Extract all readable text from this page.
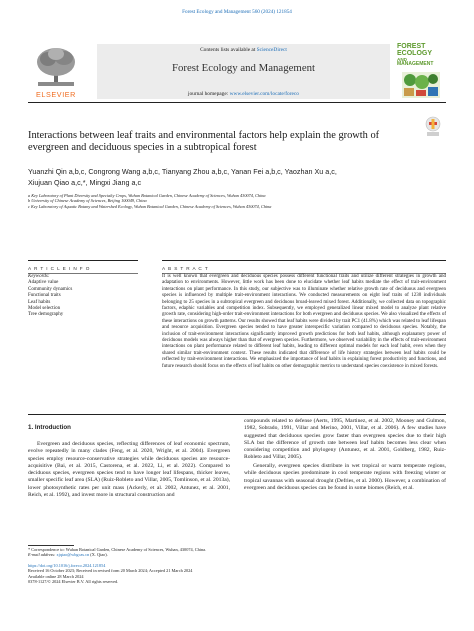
Forest Ecology and Management 560 (2024) 121854
ELSEVIER
Contents lists available at ScienceDirect
Forest Ecology and Management
journal homepage: www.elsevier.com/locate/foreco
FOREST
ECOLOGY
AND
MANAGEMENT
Interactions between leaf traits and environmental factors help explain the growth of evergreen and deciduous species in a subtropical forest
Yuanzhi Qin a,b,c, Congrong Wang a,b,c, Tianyang Zhou a,b,c, Yanan Fei a,b,c, Yaozhan Xu a,c,
Xiujuan Qiao a,c,*, Mingxi Jiang a,c
a Key Laboratory of Plant Diversity and Specialty Crops, Wuhan Botanical Garden, Chinese Academy of Sciences, Wuhan 430074, China
b University of Chinese Academy of Sciences, Beijing 100049, China
c Key Laboratory of Aquatic Botany and Watershed Ecology, Wuhan Botanical Garden, Chinese Academy of Sciences, Wuhan 430074, China
A R T I C L E I N F O
Keywords:
Adaptive value
Community dynamics
Functional traits
Leaf habits
Model selection
Tree demography
A B S T R A C T
It is well known that evergreen and deciduous species possess different functional traits and utilize different strategies in growth and adaptation to environments. However, little work has been done to elucidate whether leaf habits mediate the effect of trait-environment interactions on plant performance. In this study, our subjective was to illuminate whether relative growth rate of deciduous and evergreen species is influenced by multiple trait-environment interactions. We conducted measurements on eight leaf traits of 1230 individuals belonging to 25 species in a subtropical evergreen and deciduous broad-leaved mixed forest. Additionally, we collected data on topographic factors, edaphic variables and competition index. Subsequently, we employed generalized linear mixed model to analyze plant relative growth rate, considering high-order trait-environment interactions for both evergreen and deciduous species. We also visualized the effects of these interactions on growth patterns. Our results showed that leaf habits were divided by trait PC1 (41.8%) which was related to leaf lifespan and resource acquisition. Evergreen species tended to have greater interspecific variation compared to deciduous species. Notably, the inclusion of trait-environment interactions significantly improved growth predictions for both leaf habits, although explanatory power of deciduous models was always higher than that of evergreen species. Furthermore, we observed variability in the effects of trait-environment interactions on plant performance related to different leaf habits, leading to different optimal models for each leaf habit, even when they shared similar trait-environment context. These results indicated that difference of life history strategies between leaf habits could be reflected by trait-environment interactions. We emphasized the importance of leaf habits in explaining forest productivity and functions, and future research should focus on the effects of leaf habits on other demographic metrics to understand species coexistence in mixed forests.
1. Introduction
Evergreen and deciduous species, reflecting differences of leaf economic spectrum, evolve repeatedly in many clades (Feng, et al. 2020, Wright, et al. 2004). Evergreen species employ resource-conservative strategies while deciduous species are resource-acquisitive (Bai, et al. 2015, Castorena, et al. 2022, Li, et al. 2022). Compared to deciduous species, evergreen species tend to have longer leaf lifespans, thicker leaves, smaller specific leaf area (SLA) (Ruiz-Robleto and Villar, 2005, Tomlinson, et al. 2013a), lower photosynthetic rates per unit mass (Ackerly, et al. 2002, Antunez, et al. 2001, Reich, et al. 1992), and invest more in structural construction and
compounds related to defense (Aerts, 1995, Martinez, et al. 2002, Mooney and Gulmon, 1982, Sobrado, 1991, Villar and Merino, 2001, Villar, et al. 2006). A few studies have suggested that deciduous species grow faster than evergreen species due to their high SLA but the difference of growth rate between leaf habits becomes less clear when considering competition and phylogeny (Antunez, et al. 2001, Goldberg, 1982, Ruiz-Robleto and Villar, 2005).
Generally, evergreen species distribute in wet tropical or warm temperate regions, while deciduous species predominate in cool temperate regions with freezing winter or tropical savannas with seasonal drought (Defries, et al. 2000). However, a combination of evergreen and deciduous species can be found in some biomes (Reich, et al.
* Correspondence to: Wuhan Botanical Garden, Chinese Academy of Sciences, Wuhan, 430074, China.
E-mail address: xjqiao@wbgcas.cn (X. Qiao).
https://doi.org/10.1016/j.foreco.2024.121854
Received 16 October 2023; Received in revised form 20 March 2024; Accepted 21 March 2024
Available online 28 March 2024
0378-1127/© 2024 Elsevier B.V. All rights reserved.
